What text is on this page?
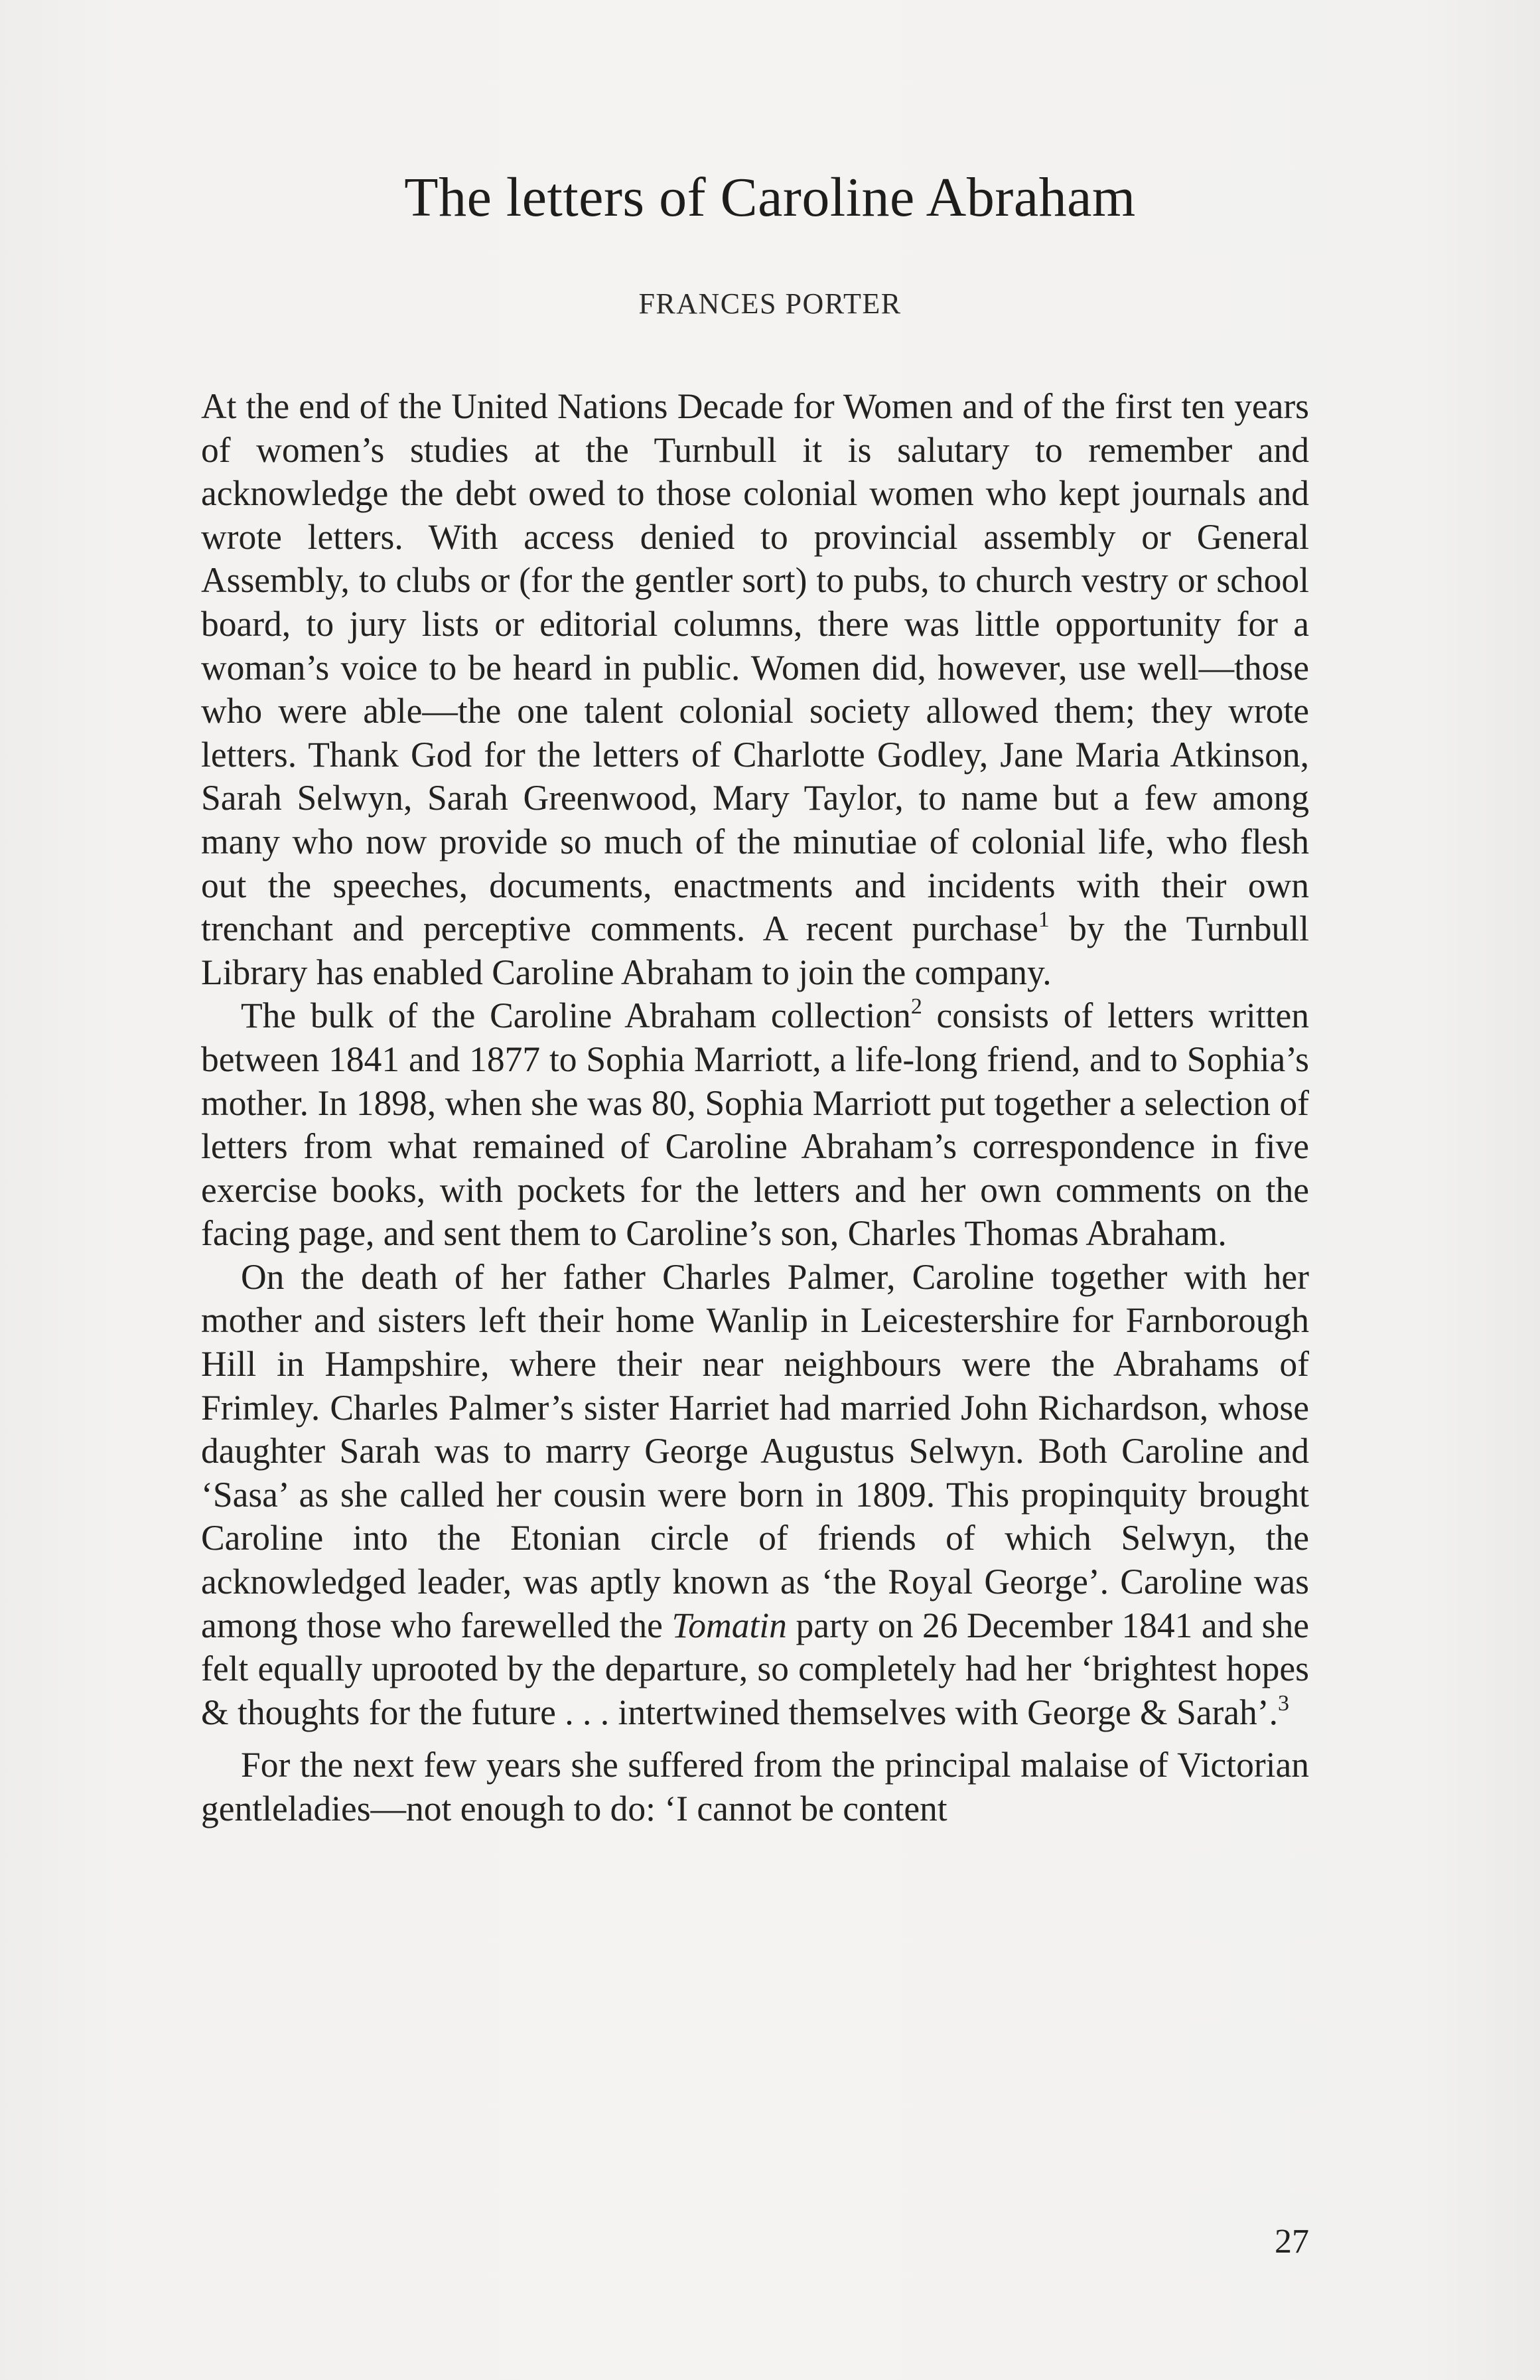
The letters of Caroline Abraham
FRANCES PORTER

At the end of the United Nations Decade for Women and of the first ten years of women’s studies at the Turnbull it is salutary to remember and acknowledge the debt owed to those colonial women who kept journals and wrote letters. With access denied to provincial assembly or General Assembly, to clubs or (for the gentler sort) to pubs, to church vestry or school board, to jury lists or editorial columns, there was little opportunity for a woman’s voice to be heard in public. Women did, however, use well—those who were able—the one talent colonial society allowed them; they wrote letters. Thank God for the letters of Charlotte Godley, Jane Maria Atkinson, Sarah Selwyn, Sarah Greenwood, Mary Taylor, to name but a few among many who now provide so much of the minutiae of colonial life, who flesh out the speeches, documents, enactments and incidents with their own trenchant and perceptive comments. A recent purchase$^1$ by the Turnbull Library has enabled Caroline Abraham to join the company.

The bulk of the Caroline Abraham collection$^2$ consists of letters written between 1841 and 1877 to Sophia Marriott, a life-long friend, and to Sophia’s mother. In 1898, when she was 80, Sophia Marriott put together a selection of letters from what remained of Caroline Abraham’s correspondence in five exercise books, with pockets for the letters and her own comments on the facing page, and sent them to Caroline’s son, Charles Thomas Abraham.

On the death of her father Charles Palmer, Caroline together with her mother and sisters left their home Wanlip in Leicestershire for Farnborough Hill in Hampshire, where their near neighbours were the Abrahams of Frimley. Charles Palmer’s sister Harriet had married John Richardson, whose daughter Sarah was to marry George Augustus Selwyn. Both Caroline and ‘Sasa’ as she called her cousin were born in 1809. This propinquity brought Caroline into the Etonian circle of friends of which Selwyn, the acknowledged leader, was aptly known as ‘the Royal George’. Caroline was among those who farewelled the Tomatin party on 26 December 1841 and she felt equally uprooted by the departure, so completely had her ‘brightest hopes & thoughts for the future . . . intertwined themselves with George & Sarah’.$^3$

For the next few years she suffered from the principal malaise of Victorian gentleladies—not enough to do: ‘I cannot be content

27
